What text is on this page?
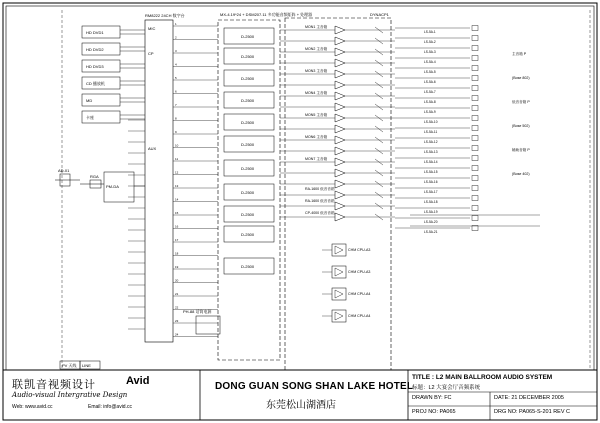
HD DVD1
HD DVD2
HD DVD3
CD 播放机
MD
卡座
AD-01
RGA
PM-DA
RM8222 24CH 数字台
MIC
CP
AUX
1
2
3
4
5
6
7
8
9
10
11
12
13
14
15
16
17
18
19
20
21
22
23
24
MX-4.19*24 + DSM207.11 多功能音频矩阵 + 处理器
PH-88 话筒电源
D-2500
D-2500
D-2500
D-2500
D-2500
D-2500
D-2500
D-2500
D-2500
D-2500
D-2500
DYNACP1
MON1 主音箱
MON2 主音箱
MON3 主音箱
MON4 主音箱
MON5 主音箱
MON6 主音箱
MON7 主音箱
RA-1600 低音音箱
RA-1600 低音音箱
CP-4000 低音音箱
CHM CPU-A3
CHM CPU-A3
CHM CPU-A4
CHM CPU-A4
LS-5A-1
LS-5A-2
LS-5A-3
LS-5A-4
LS-5A-5
LS-5A-6
LS-5A-7
LS-5A-8
LS-5A-9
LS-5A-10
LS-5A-11
LS-5A-12
LS-5A-13
LS-5A-14
LS-5A-15
LS-5A-16
LS-5A-17
LS-5A-18
LS-5A-19
LS-5A-20
LS-5A-21
主音箱 P
(Bose 802)
低音音箱 P
(Bose 502)
辅助音箱 P
(Bose 402)
PV 天线 LINE
联凯音视频设计	Avid
Audio-visual Intergrative Design
Web: www.avid.cc	Email: info@avid.cc
DONG GUAN SONG SHAN LAKE HOTEL
东莞松山湖酒店
TITLE : L2 MAIN BALLROOM AUDIO SYSTEM
标题：L2 大宴会厅音频系统
DRAWN BY: FC	DATE: 21 DECEMBER 2005
PROJ NO: PA065	DRG NO: PA065-S-201 REV C
